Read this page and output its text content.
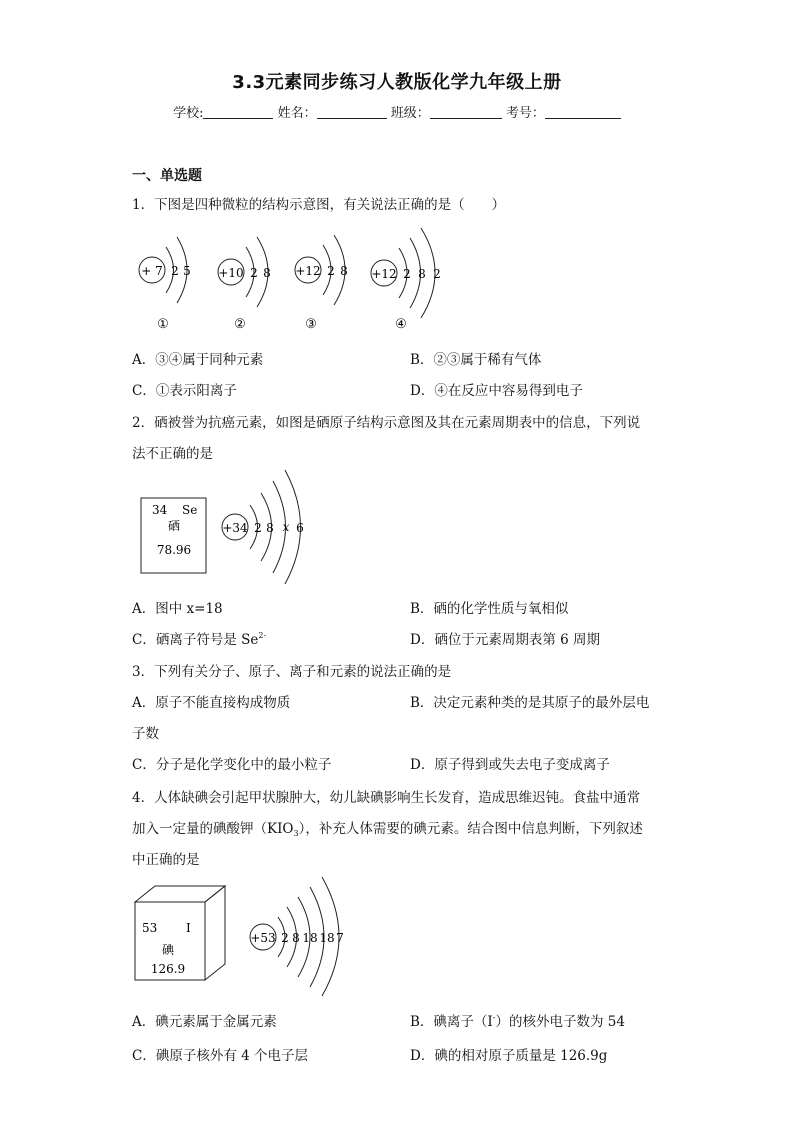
3.3元素同步练习人教版化学九年级上册
学校:	姓名：	班级：	考号：
一、单选题
1．下图是四种微粒的结构示意图，有关说法正确的是（　　）
+ 7 2 5
①
+10 2 8
②
+12 2 8
③
+12 2 8 2
④
A．③④属于同种元素	B．②③属于稀有气体
C．①表示阳离子	D．④在反应中容易得到电子
2．硒被誉为抗癌元素，如图是硒原子结构示意图及其在元素周期表中的信息，下列说
法不正确的是
34 Se
硒
78.96
+34 2 8 x 6
A．图中 x=18	B．硒的化学性质与氧相似
C．硒离子符号是 $Se^{2-}$	D．硒位于元素周期表第 6 周期
3．下列有关分子、原子、离子和元素的说法正确的是
A．原子不能直接构成物质	B．决定元素种类的是其原子的最外层电
子数
C．分子是化学变化中的最小粒子	D．原子得到或失去电子变成离子
4．人体缺碘会引起甲状腺肿大，幼儿缺碘影响生长发育，造成思维迟钝。食盐中通常
加入一定量的碘酸钾$(KIO_3)$，补充人体需要的碘元素。结合图中信息判断，下列叙述
中正确的是
53 I
碘
126.9
+53 2 8 18 18 7
A．碘元素属于金属元素	B．碘离子（I-）的核外电子数为 54
C．碘原子核外有 4 个电子层	D．碘的相对原子质量是 126.9g
